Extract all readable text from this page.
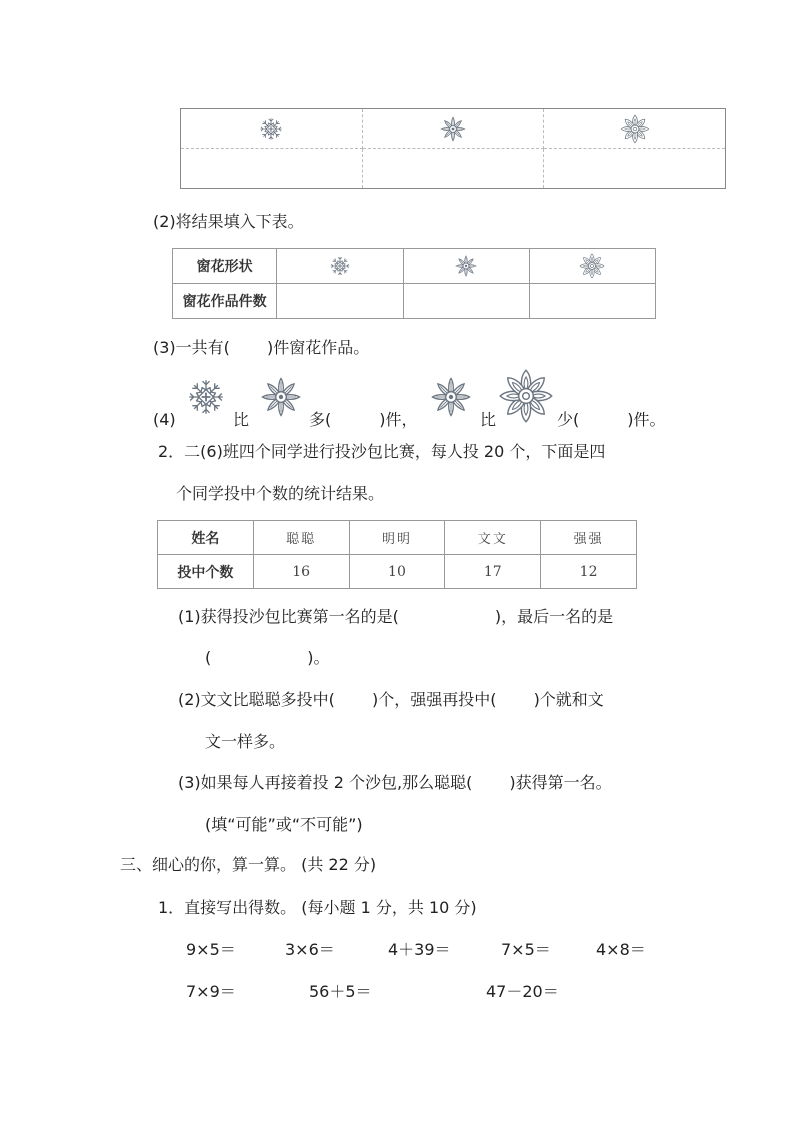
(2)将结果填入下表。
窗花形状			
窗花作品件数			
(3)一共有(　　 )件窗花作品。
(4)	比	多(　　　)件，	比	少(　　　)件。
2．二(6)班四个同学进行投沙包比赛，每人投 20 个，下面是四
个同学投中个数的统计结果。
姓名	聪聪	明明	文文	强强
投中个数	16	10	17	12
(1)获得投沙包比赛第一名的是(　　　　　　)，最后一名的是
(　　　　　　)。
(2)文文比聪聪多投中(　　 )个，强强再投中(　　 )个就和文
文一样多。
(3)如果每人再接着投 2 个沙包,那么聪聪(　　 )获得第一名。
(填“可能”或“不可能”)
三、细心的你，算一算。 (共 22 分)
1．直接写出得数。 (每小题 1 分，共 10 分)
9×5＝	3×6＝	4＋39＝	7×5＝	4×8＝
7×9＝	56＋5＝	47－20＝
